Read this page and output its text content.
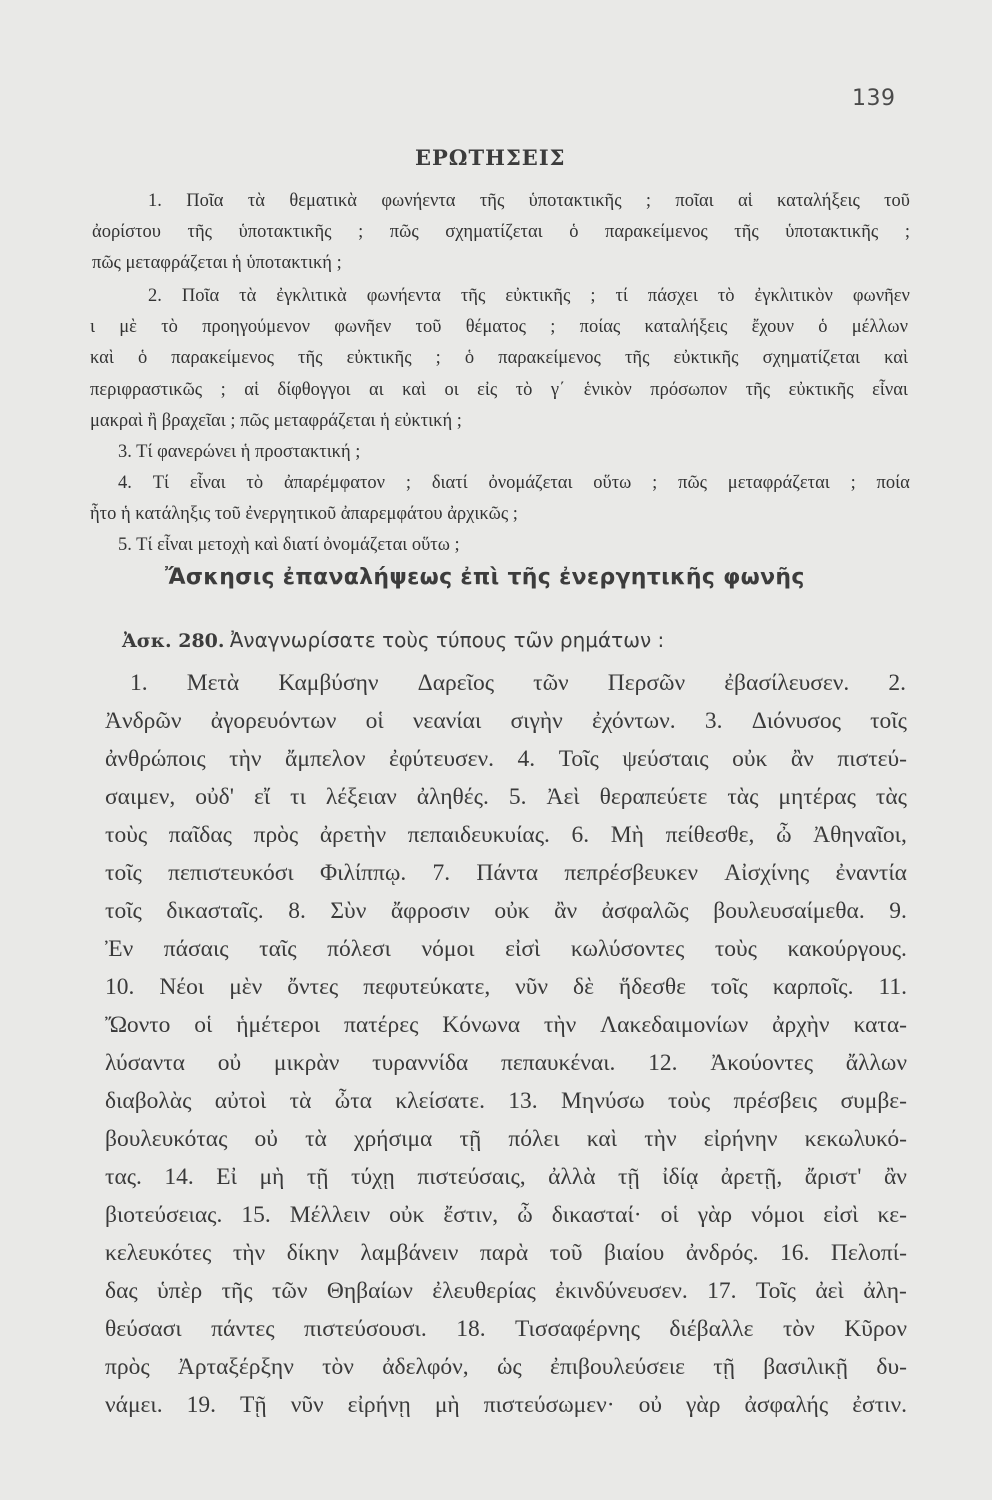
139
ΕΡΩΤΗΣΕΙΣ
1. Ποῖα τὰ θεματικὰ φωνήεντα τῆς ὑποτακτικῆς ; ποῖαι αἱ καταλήξεις τοῦ
ἀορίστου τῆς ὑποτακτικῆς ; πῶς σχηματίζεται ὁ παρακείμενος τῆς ὑποτακτικῆς ;
πῶς μεταφράζεται ἡ ὑποτακτική ;
2. Ποῖα τὰ ἐγκλιτικὰ φωνήεντα τῆς εὐκτικῆς ; τί πάσχει τὸ ἐγκλιτικὸν φωνῆεν
ι μὲ τὸ προηγούμενον φωνῆεν τοῦ θέματος ; ποίας καταλήξεις ἔχουν ὁ μέλλων
καὶ ὁ παρακείμενος τῆς εὐκτικῆς ; ὁ παρακείμενος τῆς εὐκτικῆς σχηματίζεται καὶ
περιφραστικῶς ; αἱ δίφθογγοι αι καὶ οι εἰς τὸ γ΄ ἑνικὸν πρόσωπον τῆς εὐκτικῆς εἶναι
μακραὶ ἢ βραχεῖαι ; πῶς μεταφράζεται ἡ εὐκτική ;
3. Τί φανερώνει ἡ προστακτική ;
4. Τί εἶναι τὸ ἀπαρέμφατον ; διατί ὀνομάζεται οὕτω ; πῶς μεταφράζεται ; ποία
ἦτο ἡ κατάληξις τοῦ ἐνεργητικοῦ ἀπαρεμφάτου ἀρχικῶς ;
5. Τί εἶναι μετοχὴ καὶ διατί ὀνομάζεται οὕτω ;
Ἄσκησις ἐπαναλήψεως ἐπὶ τῆς ἐνεργητικῆς φωνῆς
Ἀσκ. 280. Ἀναγνωρίσατε τοὺς τύπους τῶν ρημάτων :
1. Μετὰ Καμβύσην Δαρεῖος τῶν Περσῶν ἐβασίλευσεν. 2.
Ἀνδρῶν ἀγορευόντων οἱ νεανίαι σιγὴν ἐχόντων. 3. Διόνυσος τοῖς
ἀνθρώποις τὴν ἄμπελον ἐφύτευσεν. 4. Τοῖς ψεύσταις οὐκ ἂν πιστεύ-
σαιμεν, οὐδ' εἴ τι λέξειαν ἀληθές. 5. Ἀεὶ θεραπεύετε τὰς μητέρας τὰς
τοὺς παῖδας πρὸς ἀρετὴν πεπαιδευκυίας. 6. Μὴ πείθεσθε, ὦ Ἀθηναῖοι,
τοῖς πεπιστευκόσι Φιλίππῳ. 7. Πάντα πεπρέσβευκεν Αἰσχίνης ἐναντία
τοῖς δικασταῖς. 8. Σὺν ἄφροσιν οὐκ ἂν ἀσφαλῶς βουλευσαίμεθα. 9.
Ἐν πάσαις ταῖς πόλεσι νόμοι εἰσὶ κωλύσοντες τοὺς κακούργους.
10. Νέοι μὲν ὄντες πεφυτεύκατε, νῦν δὲ ἥδεσθε τοῖς καρποῖς. 11.
Ὤοντο οἱ ἡμέτεροι πατέρες Κόνωνα τὴν Λακεδαιμονίων ἀρχὴν κατα-
λύσαντα οὐ μικρὰν τυραννίδα πεπαυκέναι. 12. Ἀκούοντες ἄλλων
διαβολὰς αὐτοὶ τὰ ὦτα κλείσατε. 13. Μηνύσω τοὺς πρέσβεις συμβε-
βουλευκότας οὐ τὰ χρήσιμα τῇ πόλει καὶ τὴν εἰρήνην κεκωλυκό-
τας. 14. Εἰ μὴ τῇ τύχῃ πιστεύσαις, ἀλλὰ τῇ ἰδίᾳ ἀρετῇ, ἄριστ' ἂν
βιοτεύσειας. 15. Μέλλειν οὐκ ἔστιν, ὦ δικασταί· οἱ γὰρ νόμοι εἰσὶ κε-
κελευκότες τὴν δίκην λαμβάνειν παρὰ τοῦ βιαίου ἀνδρός. 16. Πελοπί-
δας ὑπὲρ τῆς τῶν Θηβαίων ἐλευθερίας ἐκινδύνευσεν. 17. Τοῖς ἀεὶ ἀλη-
θεύσασι πάντες πιστεύσουσι. 18. Τισσαφέρνης διέβαλλε τὸν Κῦρον
πρὸς Ἀρταξέρξην τὸν ἀδελφόν, ὡς ἐπιβουλεύσειε τῇ βασιλικῇ δυ-
νάμει. 19. Τῇ νῦν εἰρήνῃ μὴ πιστεύσωμεν· οὐ γὰρ ἀσφαλής ἐστιν.
